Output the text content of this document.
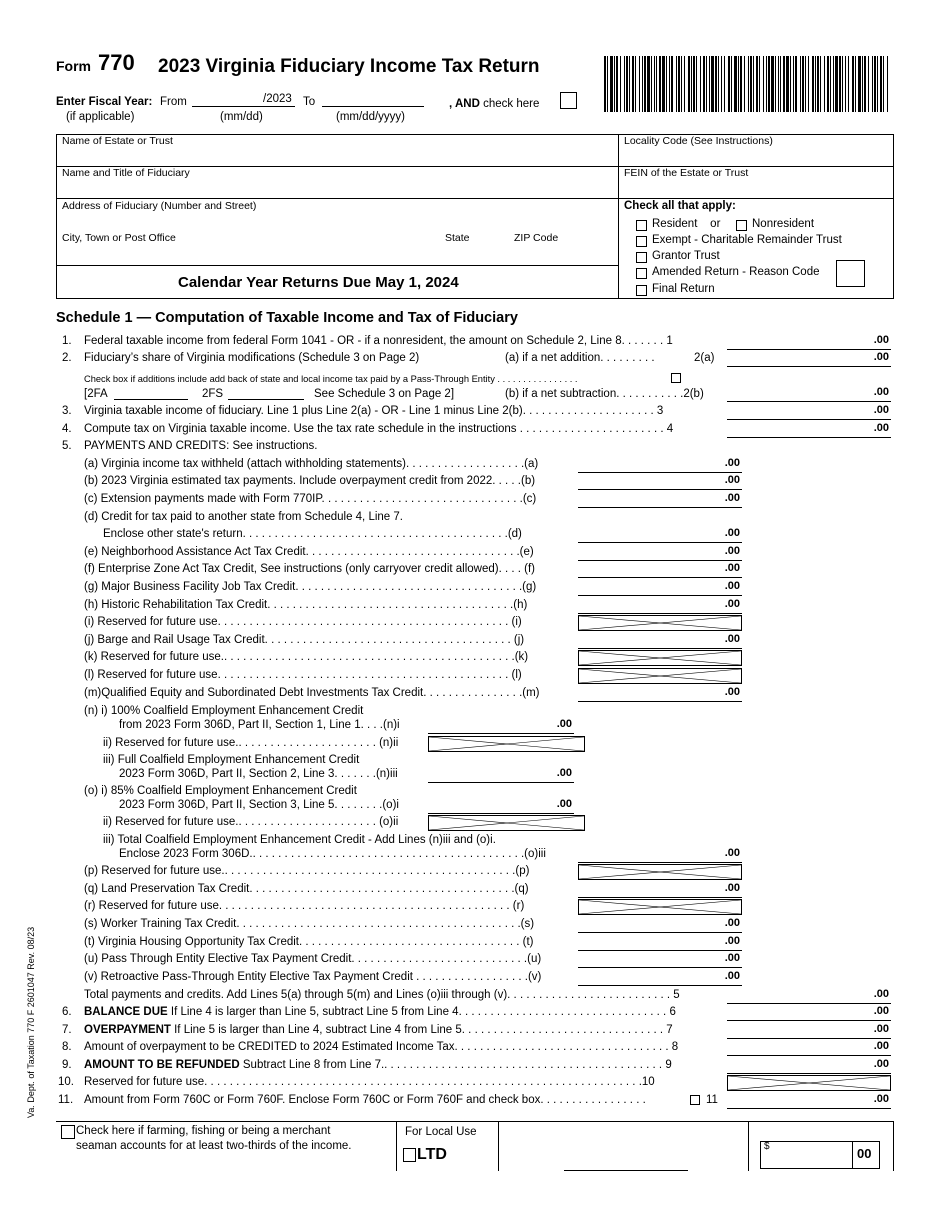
Form 770 2023 Virginia Fiduciary Income Tax Return
Enter Fiscal Year:
(if applicable)
From	/2023
(mm/dd)
To
(mm/dd/yyyy)
, AND check here
Name of Estate or Trust	Locality Code (See Instructions)
Name and Title of Fiduciary	FEIN of the Estate or Trust
Address of Fiduciary (Number and Street)
City, Town or Post Office	State	ZIP Code
Calendar Year Returns Due May 1, 2024
Check all that apply:
Resident or	Nonresident
Exempt - Charitable Remainder Trust
Grantor Trust
Amended Return - Reason Code
Final Return
Schedule 1 — Computation of Taxable Income and Tax of Fiduciary
1.
2.
3.
4.
5.
6.
7.
8.
9.
10.
11.
Federal taxable income from federal Form 1041 - OR - if a nonresident, the amount on Schedule 2, Line 8. . . . . . . 1	.00
Fiduciary’s share of Virginia modifications (Schedule 3 on Page 2)	(a) if a net addition. . . . . . . . .	2(a)	.00
Check box if additions include add back of state and local income tax paid by a Pass-Through Entity . . . . . . . . . . . . . . . .
[2FA	2FS	See Schedule 3 on Page 2]	(b) if a net subtraction. . . . . . . . . . .2(b)	.00
Virginia taxable income of fiduciary. Line 1 plus Line 2(a) - OR - Line 1 minus Line 2(b). . . . . . . . . . . . . . . . . . . . . 3	.00
Compute tax on Virginia taxable income. Use the tax rate schedule in the instructions . . . . . . . . . . . . . . . . . . . . . . . 4	.00
PAYMENTS AND CREDITS: See instructions.
(a) Virginia income tax withheld (attach withholding statements). . . . . . . . . . . . . . . . . . .(a)	.00
(b) 2023 Virginia estimated tax payments. Include overpayment credit from 2022. . . . .(b)	.00
(c) Extension payments made with Form 770IP. . . . . . . . . . . . . . . . . . . . . . . . . . . . . . . .(c)	.00
(d) Credit for tax paid to another state from Schedule 4, Line 7.
Enclose other state's return. . . . . . . . . . . . . . . . . . . . . . . . . . . . . . . . . . . . . . . . . .(d)	.00
(e) Neighborhood Assistance Act Tax Credit. . . . . . . . . . . . . . . . . . . . . . . . . . . . . . . . . .(e)	.00
(f) Enterprise Zone Act Tax Credit, See instructions (only carryover credit allowed). . . . (f)	.00
(g) Major Business Facility Job Tax Credit. . . . . . . . . . . . . . . . . . . . . . . . . . . . . . . . . . . .(g)	.00
(h) Historic Rehabilitation Tax Credit. . . . . . . . . . . . . . . . . . . . . . . . . . . . . . . . . . . . . . .(h)	.00
(i) Reserved for future use. . . . . . . . . . . . . . . . . . . . . . . . . . . . . . . . . . . . . . . . . . . . . . (i)
(j) Barge and Rail Usage Tax Credit. . . . . . . . . . . . . . . . . . . . . . . . . . . . . . . . . . . . . . . (j)	.00
(k) Reserved for future use.. . . . . . . . . . . . . . . . . . . . . . . . . . . . . . . . . . . . . . . . . . . . . .(k)
(l) Reserved for future use. . . . . . . . . . . . . . . . . . . . . . . . . . . . . . . . . . . . . . . . . . . . . . (l)
(m)Qualified Equity and Subordinated Debt Investments Tax Credit. . . . . . . . . . . . . . . .(m)	.00
(n) i) 100% Coalfield Employment Enhancement Credit
from 2023 Form 306D, Part II, Section 1, Line 1. . . .(n)i	.00
ii) Reserved for future use.. . . . . . . . . . . . . . . . . . . . . . (n)ii
iii) Full Coalfield Employment Enhancement Credit
2023 Form 306D, Part II, Section 2, Line 3. . . . . . .(n)iii	.00
(o) i) 85% Coalfield Employment Enhancement Credit
2023 Form 306D, Part II, Section 3, Line 5. . . . . . . .(o)i	.00
ii) Reserved for future use.. . . . . . . . . . . . . . . . . . . . . . (o)ii
iii) Total Coalfield Employment Enhancement Credit - Add Lines (n)iii and (o)i.
Enclose 2023 Form 306D.. . . . . . . . . . . . . . . . . . . . . . . . . . . . . . . . . . . . . . . . . . .(o)iii	.00
(p) Reserved for future use.. . . . . . . . . . . . . . . . . . . . . . . . . . . . . . . . . . . . . . . . . . . . . .(p)
(q) Land Preservation Tax Credit. . . . . . . . . . . . . . . . . . . . . . . . . . . . . . . . . . . . . . . . . .(q)	.00
(r) Reserved for future use. . . . . . . . . . . . . . . . . . . . . . . . . . . . . . . . . . . . . . . . . . . . . . (r)
(s) Worker Training Tax Credit. . . . . . . . . . . . . . . . . . . . . . . . . . . . . . . . . . . . . . . . . . . . .(s)	.00
(t) Virginia Housing Opportunity Tax Credit. . . . . . . . . . . . . . . . . . . . . . . . . . . . . . . . . . . (t)	.00
(u) Pass Through Entity Elective Tax Payment Credit. . . . . . . . . . . . . . . . . . . . . . . . . . . .(u)	.00
(v) Retroactive Pass-Through Entity Elective Tax Payment Credit . . . . . . . . . . . . . . . . . .(v)	.00
Total payments and credits. Add Lines 5(a) through 5(m) and Lines (o)iii through (v). . . . . . . . . . . . . . . . . . . . . . . . . . 5	.00
BALANCE DUE If Line 4 is larger than Line 5, subtract Line 5 from Line 4. . . . . . . . . . . . . . . . . . . . . . . . . . . . . . . . . 6	.00
OVERPAYMENT If Line 5 is larger than Line 4, subtract Line 4 from Line 5. . . . . . . . . . . . . . . . . . . . . . . . . . . . . . . . 7	.00
Amount of overpayment to be CREDITED to 2024 Estimated Income Tax. . . . . . . . . . . . . . . . . . . . . . . . . . . . . . . . . . 8	.00
AMOUNT TO BE REFUNDED Subtract Line 8 from Line 7.. . . . . . . . . . . . . . . . . . . . . . . . . . . . . . . . . . . . . . . . . . . . 9	.00
Reserved for future use. . . . . . . . . . . . . . . . . . . . . . . . . . . . . . . . . . . . . . . . . . . . . . . . . . . . . . . . . . . . . . . . . . . . .10
Amount from Form 760C or Form 760F. Enclose Form 760C or Form 760F and check box. . . . . . . . . . . . . . . . .	11	.00
Check here if farming, fishing or being a merchant
seaman accounts for at least two-thirds of the income.
For Local Use
LTD	$	00
Va. Dept. of Taxation 770 F 2601047 Rev. 08/23
